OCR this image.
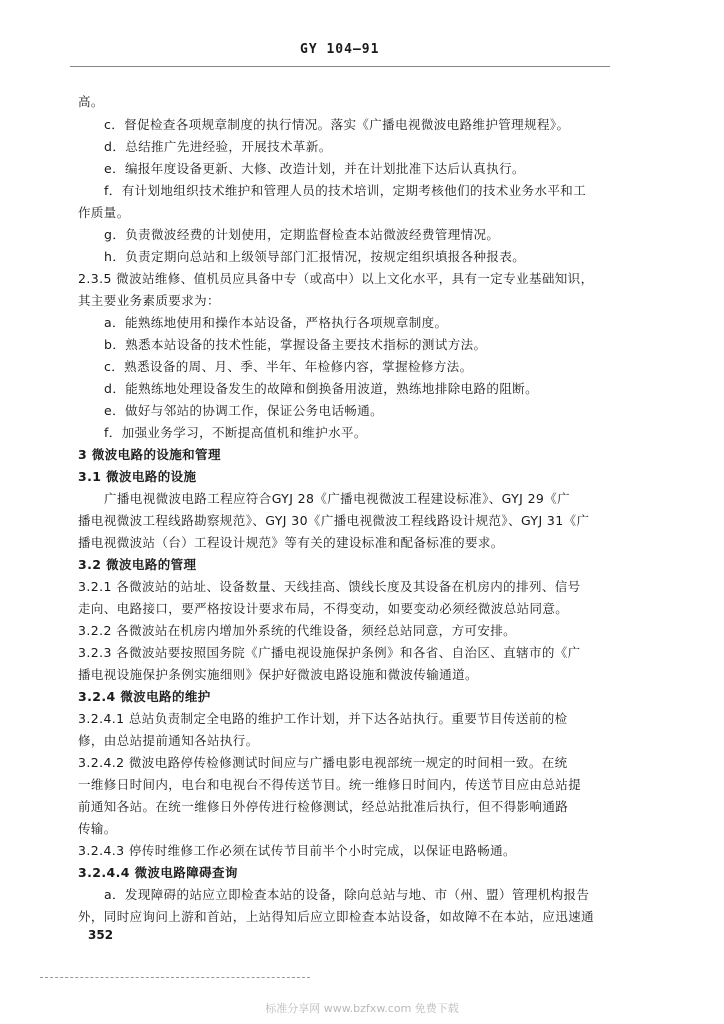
GY 104—91
高。
c．督促检查各项规章制度的执行情况。落实《广播电视微波电路维护管理规程》。
d．总结推广先进经验，开展技术革新。
e．编报年度设备更新、大修、改造计划，并在计划批准下达后认真执行。
f．有计划地组织技术维护和管理人员的技术培训，定期考核他们的技术业务水平和工
作质量。
g．负责微波经费的计划使用，定期监督检查本站微波经费管理情况。
h．负责定期向总站和上级领导部门汇报情况，按规定组织填报各种报表。
2.3.5 微波站维修、值机员应具备中专（或高中）以上文化水平，具有一定专业基础知识，
其主要业务素质要求为：
a．能熟练地使用和操作本站设备，严格执行各项规章制度。
b．熟悉本站设备的技术性能，掌握设备主要技术指标的测试方法。
c．熟悉设备的周、月、季、半年、年检修内容，掌握检修方法。
d．能熟练地处理设备发生的故障和倒换备用波道，熟练地排除电路的阻断。
e．做好与邻站的协调工作，保证公务电话畅通。
f．加强业务学习，不断提高值机和维护水平。
3 微波电路的设施和管理
3.1 微波电路的设施
广播电视微波电路工程应符合GYJ 28《广播电视微波工程建设标准》、GYJ 29《广
播电视微波工程线路勘察规范》、GYJ 30《广播电视微波工程线路设计规范》、GYJ 31《广
播电视微波站（台）工程设计规范》等有关的建设标准和配备标准的要求。
3.2 微波电路的管理
3.2.1 各微波站的站址、设备数量、天线挂高、馈线长度及其设备在机房内的排列、信号
走向、电路接口，要严格按设计要求布局，不得变动，如要变动必须经微波总站同意。
3.2.2 各微波站在机房内增加外系统的代维设备，须经总站同意，方可安排。
3.2.3 各微波站要按照国务院《广播电视设施保护条例》和各省、自治区、直辖市的《广
播电视设施保护条例实施细则》保护好微波电路设施和微波传输通道。
3.2.4 微波电路的维护
3.2.4.1 总站负责制定全电路的维护工作计划，并下达各站执行。重要节目传送前的检
修，由总站提前通知各站执行。
3.2.4.2 微波电路停传检修测试时间应与广播电影电视部统一规定的时间相一致。在统
一维修日时间内，电台和电视台不得传送节目。统一维修日时间内，传送节目应由总站提
前通知各站。在统一维修日外停传进行检修测试，经总站批准后执行，但不得影响通路
传输。
3.2.4.3 停传时维修工作必须在试传节目前半个小时完成，以保证电路畅通。
3.2.4.4 微波电路障碍查询
a．发现障碍的站应立即检查本站的设备，除向总站与地、市（州、盟）管理机构报告
外，同时应询问上游和首站，上站得知后应立即检查本站设备，如故障不在本站，应迅速通
352
标准分享网 www.bzfxw.com 免费下载
